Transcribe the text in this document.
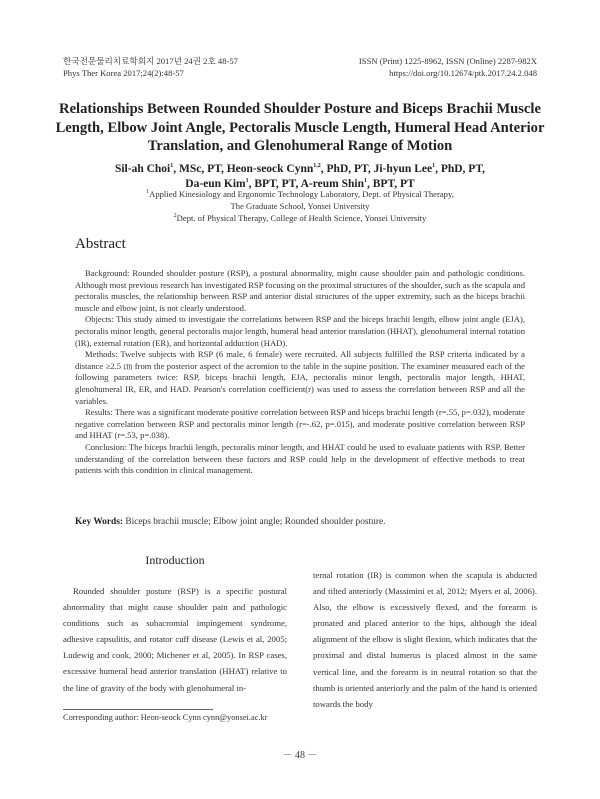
한국전문물리치료학회지 2017년 24권 2호 48-57
Phys Ther Korea 2017;24(2):48-57
ISSN (Print) 1225-8962, ISSN (Online) 2287-982X
https://doi.org/10.12674/ptk.2017.24.2.048
Relationships Between Rounded Shoulder Posture and Biceps Brachii Muscle Length, Elbow Joint Angle, Pectoralis Muscle Length, Humeral Head Anterior Translation, and Glenohumeral Range of Motion
Sil-ah Choi$^1$, MSc, PT, Heon-seock Cynn$^{1,2}$, PhD, PT, Ji-hyun Lee$^1$, PhD, PT,
Da-eun Kim$^1$, BPT, PT, A-reum Shin$^1$, BPT, PT
$^1$Applied Kinesiology and Ergonomic Technology Laboratory, Dept. of Physical Therapy,
The Graduate School, Yonsei University
$^2$Dept. of Physical Therapy, College of Health Science, Yonsei University
Abstract

Background: Rounded shoulder posture (RSP), a postural abnormality, might cause shoulder pain and pathologic conditions. Although most previous research has investigated RSP focusing on the proximal structures of the shoulder, such as the scapula and pectoralis muscles, the relationship between RSP and anterior distal structures of the upper extremity, such as the biceps brachii muscle and elbow joint, is not clearly understood.

Objects: This study aimed to investigate the correlations between RSP and the biceps brachii length, elbow joint angle (EJA), pectoralis minor length, general pectoralis major length, humeral head anterior translation (HHAT), glenohumeral internal rotation (IR), external rotation (ER), and horizontal adduction (HAD).

Methods: Twelve subjects with RSP (6 male, 6 female) were recruited. All subjects fulfilled the RSP criteria indicated by a distance ≥2.5 ㎝ from the posterior aspect of the acromion to the table in the supine position. The examiner measured each of the following parameters twice: RSP, biceps brachii length, EJA, pectoralis minor length, pectoralis major length, HHAT, glenohumeral IR, ER, and HAD. Pearson's correlation coefficient(r) was used to assess the correlation between RSP and all the variables.

Results: There was a significant moderate positive correlation between RSP and biceps brachii length (r=.55, p=.032), moderate negative correlation between RSP and pectoralis minor length (r=-.62, p=.015), and moderate positive correlation between RSP and HHAT (r=.53, p=.038).

Conclusion: The biceps brachii length, pectoralis minor length, and HHAT could be used to evaluate patients with RSP. Better understanding of the correlation between these factors and RSP could help in the development of effective methods to treat patients with this condition in clinical management.

Key Words: Biceps brachii muscle; Elbow joint angle; Rounded shoulder posture.
Introduction

Rounded shoulder posture (RSP) is a specific postural abnormality that might cause shoulder pain and pathologic conditions such as subacromial impingement syndrome, adhesive capsulitis, and rotator cuff disease (Lewis et al, 2005; Ludewig and cook, 2000; Michener et al, 2005). In RSP cases, excessive humeral head anterior translation (HHAT) relative to the line of gravity of the body with glenohumeral in-

ternal rotation (IR) is common when the scapula is abducted and tilted anteriorly (Massimini et al, 2012; Myers et al, 2006). Also, the elbow is excessively flexed, and the forearm is pronated and placed anterior to the hips, although the ideal alignment of the elbow is slight flexion, which indicates that the proximal and distal humerus is placed almost in the same vertical line, and the forearm is in neutral rotation so that the thumb is oriented anteriorly and the palm of the hand is oriented towards the body

Corresponding author: Heon-seock Cynn cynn@yonsei.ac.kr
－ 48 －
